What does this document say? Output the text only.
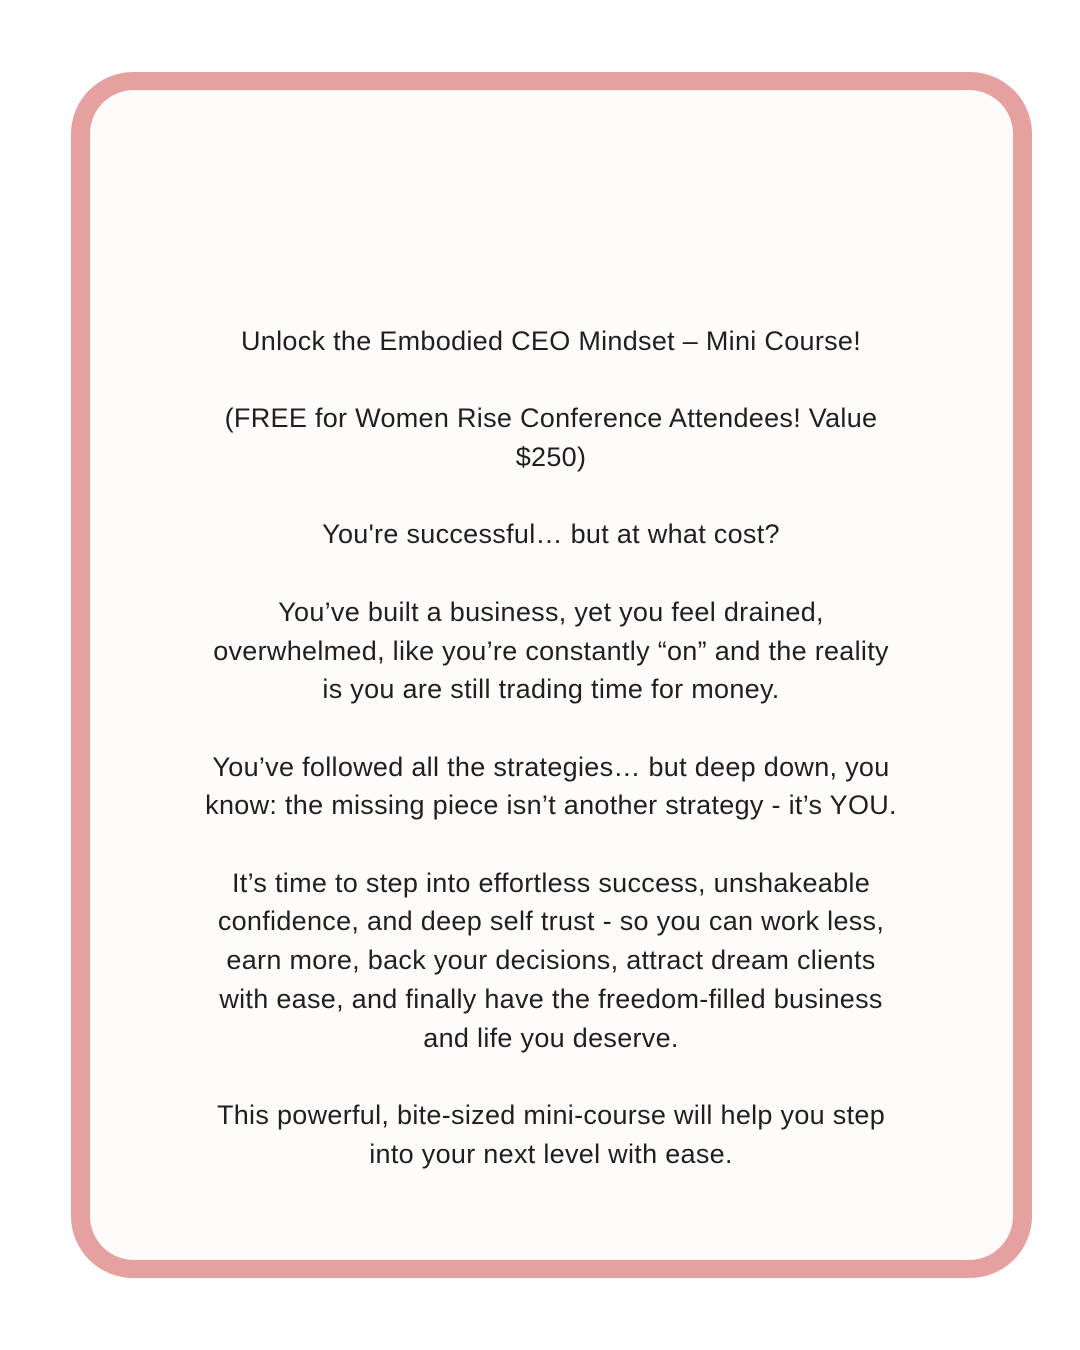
Unlock the Embodied CEO Mindset – Mini Course!

(FREE for Women Rise Conference Attendees! Value
$250)

You're successful… but at what cost?

You’ve built a business, yet you feel drained,
overwhelmed, like you’re constantly “on” and the reality
is you are still trading time for money.

You’ve followed all the strategies… but deep down, you
know: the missing piece isn’t another strategy - it’s YOU.

It’s time to step into effortless success, unshakeable
confidence, and deep self trust - so you can work less,
earn more, back your decisions, attract dream clients
with ease, and finally have the freedom-filled business
and life you deserve.

This powerful, bite-sized mini-course will help you step
into your next level with ease.
